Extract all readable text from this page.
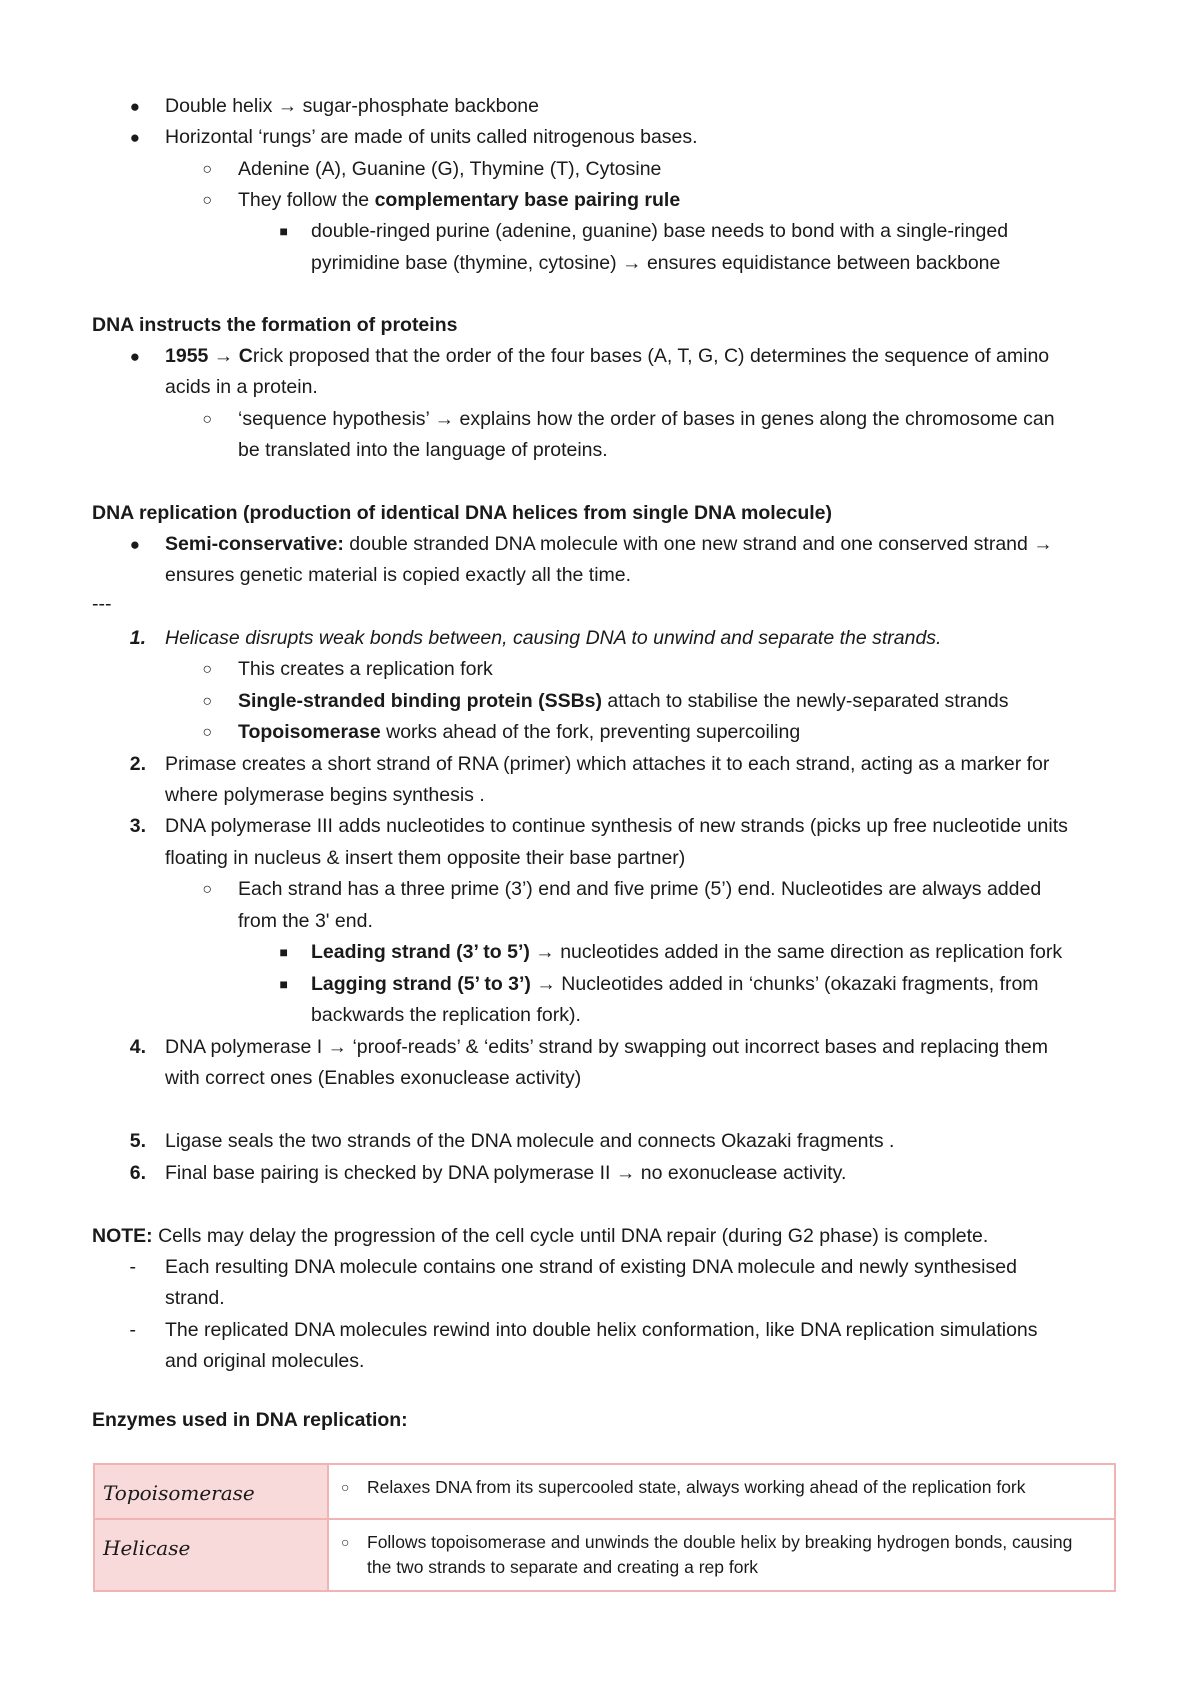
● Double helix → sugar-phosphate backbone
● Horizontal ‘rungs’ are made of units called nitrogenous bases.
○ Adenine (A), Guanine (G), Thymine (T), Cytosine
○ They follow the complementary base pairing rule
■ double-ringed purine (adenine, guanine) base needs to bond with a single-ringed
pyrimidine base (thymine, cytosine) → ensures equidistance between backbone
DNA instructs the formation of proteins
● 1955 → Crick proposed that the order of the four bases (A, T, G, C) determines the sequence of amino
acids in a protein.
○ ‘sequence hypothesis’ → explains how the order of bases in genes along the chromosome can
be translated into the language of proteins.
DNA replication (production of identical DNA helices from single DNA molecule)
● Semi-conservative: double stranded DNA molecule with one new strand and one conserved strand →
ensures genetic material is copied exactly all the time.
---
1. Helicase disrupts weak bonds between, causing DNA to unwind and separate the strands.
○ This creates a replication fork
○ Single-stranded binding protein (SSBs) attach to stabilise the newly-separated strands
○ Topoisomerase works ahead of the fork, preventing supercoiling
2. Primase creates a short strand of RNA (primer) which attaches it to each strand, acting as a marker for
where polymerase begins synthesis .
3. DNA polymerase III adds nucleotides to continue synthesis of new strands (picks up free nucleotide units
floating in nucleus & insert them opposite their base partner)
○ Each strand has a three prime (3’) end and five prime (5’) end. Nucleotides are always added
from the 3' end.
■ Leading strand (3’ to 5’) → nucleotides added in the same direction as replication fork
■ Lagging strand (5’ to 3’) → Nucleotides added in ‘chunks’ (okazaki fragments, from
backwards the replication fork).
4. DNA polymerase I → ‘proof-reads’ & ‘edits’ strand by swapping out incorrect bases and replacing them
with correct ones (Enables exonuclease activity)
5. Ligase seals the two strands of the DNA molecule and connects Okazaki fragments .
6. Final base pairing is checked by DNA polymerase II → no exonuclease activity.
NOTE: Cells may delay the progression of the cell cycle until DNA repair (during G2 phase) is complete.
- Each resulting DNA molecule contains one strand of existing DNA molecule and newly synthesised
strand.
- The replicated DNA molecules rewind into double helix conformation, like DNA replication simulations
and original molecules.
Enzymes used in DNA replication:
Topoisomerase	○ Relaxes DNA from its supercooled state, always working ahead of the replication fork

Helicase	○ Follows topoisomerase and unwinds the double helix by breaking hydrogen bonds, causing the two strands to separate and creating a rep fork
